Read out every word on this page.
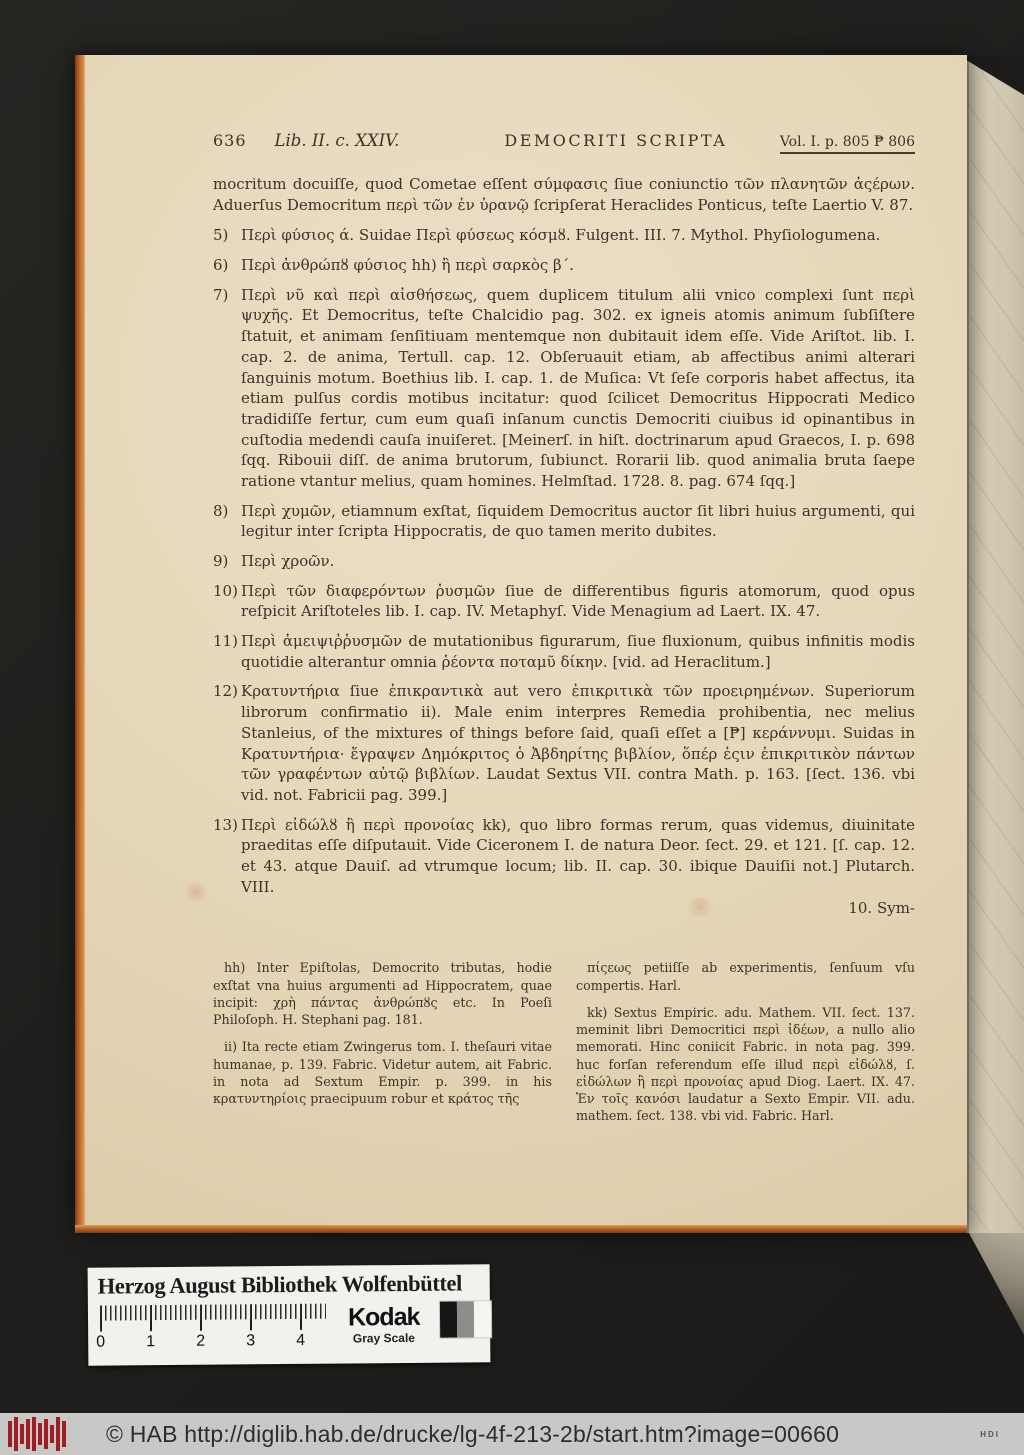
636 Lib. II. c. XXIV.	DEMOCRITI SCRIPTA	Vol. I. p. 805 ₱ 806

mocritum docuiſſe, quod Cometae eſſent σύμφασις ſiue coniunctio τῶν πλανητῶν ἀςέρων. Aduerſus Democritum περὶ τῶν ἐν ὐρανῷ ſcripſerat Heraclides Ponticus, teſte Laertio V. 87.

5) Περὶ φύσιος ά. Suidae Περὶ φύσεως κόσμȣ. Fulgent. III. 7. Mythol. Phyſiologumena.
6) Περὶ ἀνθρώπȣ φύσιος hh) ἢ περὶ σαρκὸς β΄.
7) Περὶ νῦ καὶ περὶ αἰσθήσεως, quem duplicem titulum alii vnico complexi ſunt περὶ ψυχῆς. Et Democritus, teſte Chalcidio pag. 302. ex igneis atomis animum ſubſiſtere ſtatuit, et animam ſenſitiuam mentemque non dubitauit idem eſſe. Vide Ariſtot. lib. I. cap. 2. de anima, Tertull. cap. 12. Obſeruauit etiam, ab affectibus animi alterari ſanguinis motum. Boethius lib. I. cap. 1. de Muſica: Vt ſeſe corporis habet affectus, ita etiam pulſus cordis motibus incitatur: quod ſcilicet Democritus Hippocrati Medico tradidiſſe fertur, cum eum quaſi inſanum cunctis Democriti ciuibus id opinantibus in cuſtodia medendi cauſa inuiſeret. [Meinerſ. in hiſt. doctrinarum apud Graecos, I. p. 698 ſqq. Ribouii diſſ. de anima brutorum, ſubiunct. Rorarii lib. quod animalia bruta ſaepe ratione vtantur melius, quam homines. Helmſtad. 1728. 8. pag. 674 ſqq.]
8) Περὶ χυμῶν, etiamnum exſtat, ſiquidem Democritus auctor ſit libri huius argumenti, qui legitur inter ſcripta Hippocratis, de quo tamen merito dubites.
9) Περὶ χροῶν.
10) Περὶ τῶν διαφερόντων ῥυσμῶν ſiue de differentibus figuris atomorum, quod opus reſpicit Ariſtoteles lib. I. cap. IV. Metaphyſ. Vide Menagium ad Laert. IX. 47.
11) Περὶ ἀμειψιῤῥυσμῶν de mutationibus figurarum, ſiue fluxionum, quibus infinitis modis quotidie alterantur omnia ῥέοντα ποταμῦ δίκην. [vid. ad Heraclitum.]
12) Κρατυντήρια ſiue ἐπικραντικὰ aut vero ἐπικριτικὰ τῶν προειρημένων. Superiorum librorum confirmatio ii). Male enim interpres Remedia prohibentia, nec melius Stanleius, of the mixtures of things before ſaid, quaſi eſſet a [₱] κεράννυμι. Suidas in Κρατυντήρια· ἔγραψεν Δημόκριτος ὁ Ἀβδηρίτης βιβλίον, ὅπέρ ἐςιν ἐπικριτικὸν πάντων τῶν γραφέντων αὐτῷ βιβλίων. Laudat Sextus VII. contra Math. p. 163. [ſect. 136. vbi vid. not. Fabricii pag. 399.]
13) Περὶ εἰδώλȣ ἢ περὶ προνοίας kk), quo libro formas rerum, quas videmus, diuinitate praeditas eſſe diſputauit. Vide Ciceronem I. de natura Deor. ſect. 29. et 121. [ſ. cap. 12. et 43. atque Dauiſ. ad vtrumque locum; lib. II. cap. 30. ibique Dauiſii not.] Plutarch. VIII.
10. Sym-

hh) Inter Epiſtolas, Democrito tributas, hodie exſtat vna huius argumenti ad Hippocratem, quae incipit: χρὴ πάντας ἀνθρώπȣς etc. In Poeſi Philoſoph. H. Stephani pag. 181.

ii) Ita recte etiam Zwingerus tom. I. theſauri vitae humanae, p. 139. Fabric. Videtur autem, ait Fabric. in nota ad Sextum Empir. p. 399. in his κρατυντηρίοις praecipuum robur et κράτος τῆς

πίςεως petiiſſe ab experimentis, ſenſuum vſu compertis. Harl.

kk) Sextus Empiric. adu. Mathem. VII. ſect. 137. meminit libri Democritici περὶ ἰδέων, a nullo alio memorati. Hinc coniicit Fabric. in nota pag. 399. huc forſan referendum eſſe illud περὶ εἰδώλȣ, ſ. εἰδώλων ἢ περὶ προνοίας apud Diog. Laert. IX. 47. Ἐν τοῖς κανόσι laudatur a Sexto Empir. VII. adu. mathem. ſect. 138. vbi vid. Fabric. Harl.

Herzog August Bibliothek Wolfenbüttel
0	1	2	3	4
Kodak
Gray Scale
© HAB http://diglib.hab.de/drucke/lg-4f-213-2b/start.htm?image=00660	HDI
